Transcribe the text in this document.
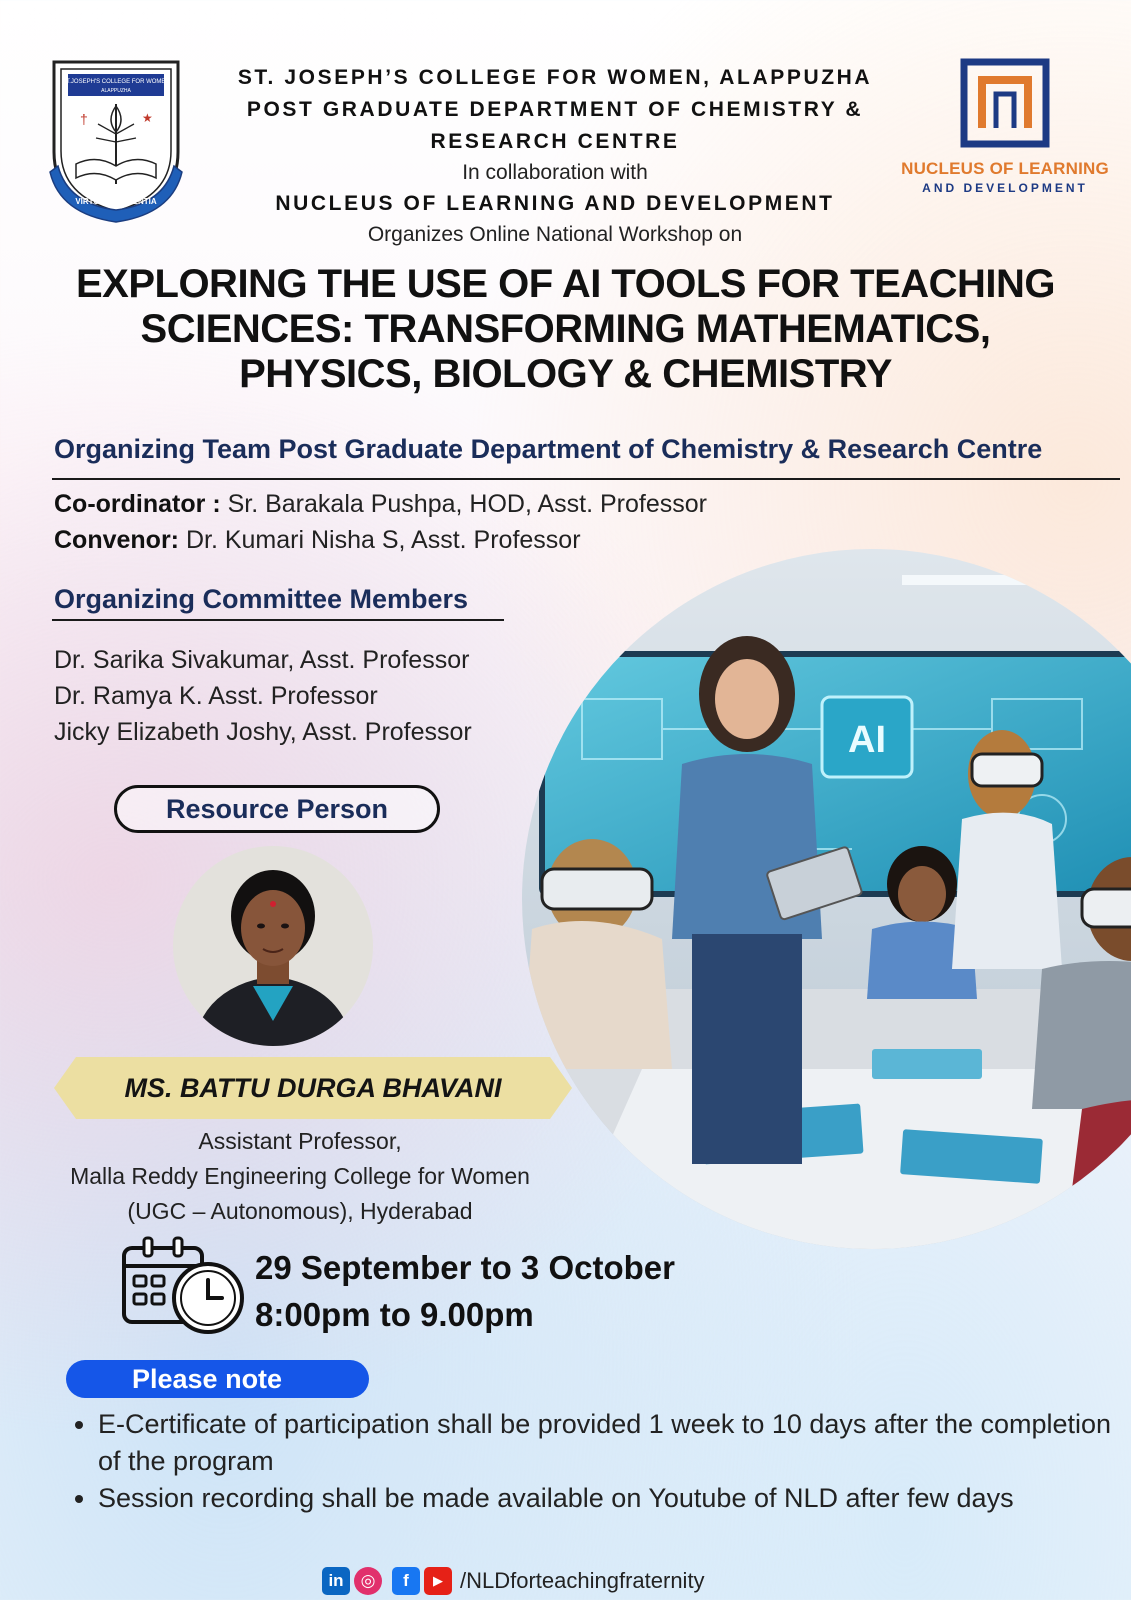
ST.JOSEPH'S COLLEGE FOR WOMEN
ALAPPUZHA
†	★
VIRTUS ET SCIENTIA
ST. JOSEPH’S COLLEGE FOR WOMEN, ALAPPUZHA
POST GRADUATE DEPARTMENT OF CHEMISTRY &
RESEARCH CENTRE
In collaboration with
NUCLEUS OF LEARNING AND DEVELOPMENT
Organizes Online National Workshop on
NUCLEUS OF LEARNING
AND DEVELOPMENT
EXPLORING THE USE OF AI TOOLS FOR TEACHING
SCIENCES: TRANSFORMING MATHEMATICS,
PHYSICS, BIOLOGY & CHEMISTRY
Organizing Team Post Graduate Department of Chemistry & Research Centre
Co-ordinator : Sr. Barakala Pushpa, HOD, Asst. Professor
Convenor: Dr. Kumari Nisha S, Asst. Professor
Organizing Committee Members
Dr. Sarika Sivakumar, Asst. Professor
Dr. Ramya K. Asst. Professor
Jicky Elizabeth Joshy, Asst. Professor	AI
Resource Person
MS. BATTU DURGA BHAVANI
Assistant Professor,
Malla Reddy Engineering College for Women
(UGC – Autonomous), Hyderabad
29 September to 3 October
8:00pm to 9.00pm
Please note
• E-Certificate of participation shall be provided 1 week to 10 days after the completion of the program
• Session recording shall be made available on Youtube of NLD after few days
in	◎	f	▶ /NLDforteachingfraternity
